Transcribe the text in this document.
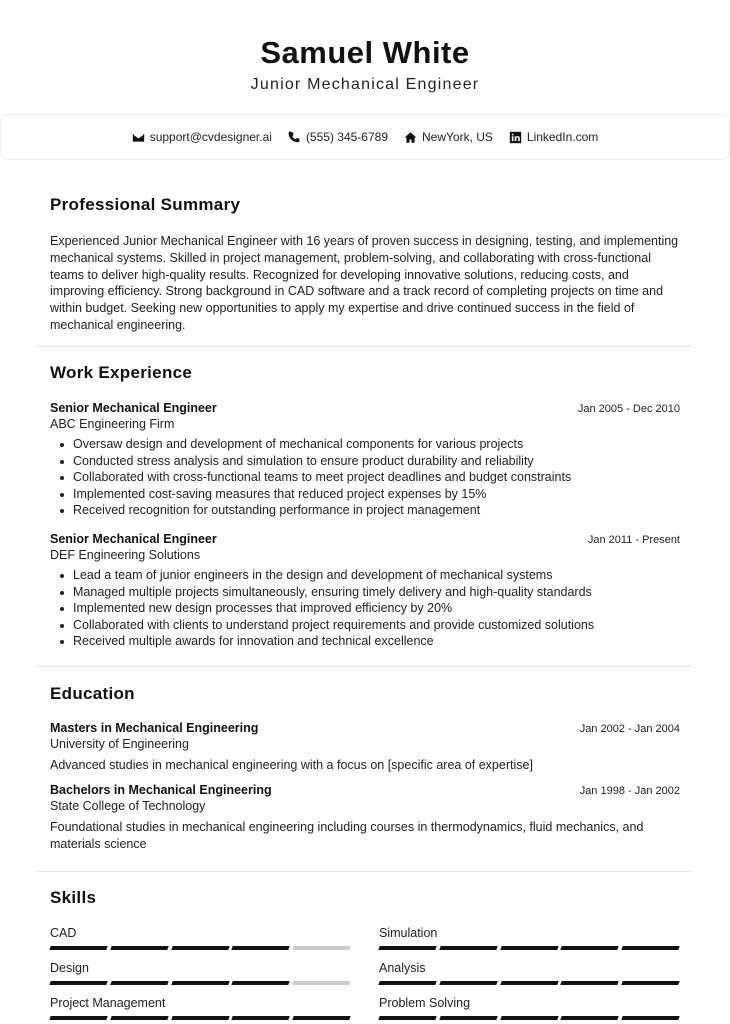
Samuel White
Junior Mechanical Engineer
support@cvdesigner.ai	(555) 345-6789	NewYork, US	LinkedIn.com
Professional Summary
Experienced Junior Mechanical Engineer with 16 years of proven success in designing, testing, and implementing mechanical systems. Skilled in project management, problem-solving, and collaborating with cross-functional teams to deliver high-quality results. Recognized for developing innovative solutions, reducing costs, and improving efficiency. Strong background in CAD software and a track record of completing projects on time and within budget. Seeking new opportunities to apply my expertise and drive continued success in the field of mechanical engineering.
Work Experience
Senior Mechanical Engineer	Jan 2005 - Dec 2010
ABC Engineering Firm
Oversaw design and development of mechanical components for various projects
Conducted stress analysis and simulation to ensure product durability and reliability
Collaborated with cross-functional teams to meet project deadlines and budget constraints
Implemented cost-saving measures that reduced project expenses by 15%
Received recognition for outstanding performance in project management
Senior Mechanical Engineer	Jan 2011 - Present
DEF Engineering Solutions
Lead a team of junior engineers in the design and development of mechanical systems
Managed multiple projects simultaneously, ensuring timely delivery and high-quality standards
Implemented new design processes that improved efficiency by 20%
Collaborated with clients to understand project requirements and provide customized solutions
Received multiple awards for innovation and technical excellence
Education
Masters in Mechanical Engineering	Jan 2002 - Jan 2004
University of Engineering
Advanced studies in mechanical engineering with a focus on [specific area of expertise]
Bachelors in Mechanical Engineering	Jan 1998 - Jan 2002
State College of Technology
Foundational studies in mechanical engineering including courses in thermodynamics, fluid mechanics, and materials science
Skills
CAD	Simulation
Design	Analysis
Project Management	Problem Solving
